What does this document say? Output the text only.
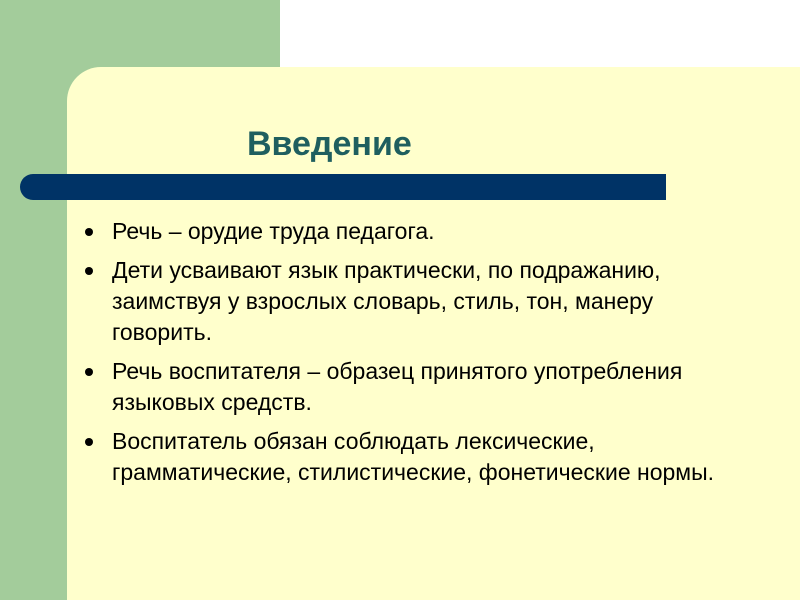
Введение
Речь – орудие труда педагога.
Дети усваивают язык практически, по подражанию, заимствуя у взрослых словарь, стиль, тон, манеру говорить.
Речь воспитателя – образец принятого употребления языковых средств.
Воспитатель обязан соблюдать лексические, грамматические, стилистические, фонетические нормы.
